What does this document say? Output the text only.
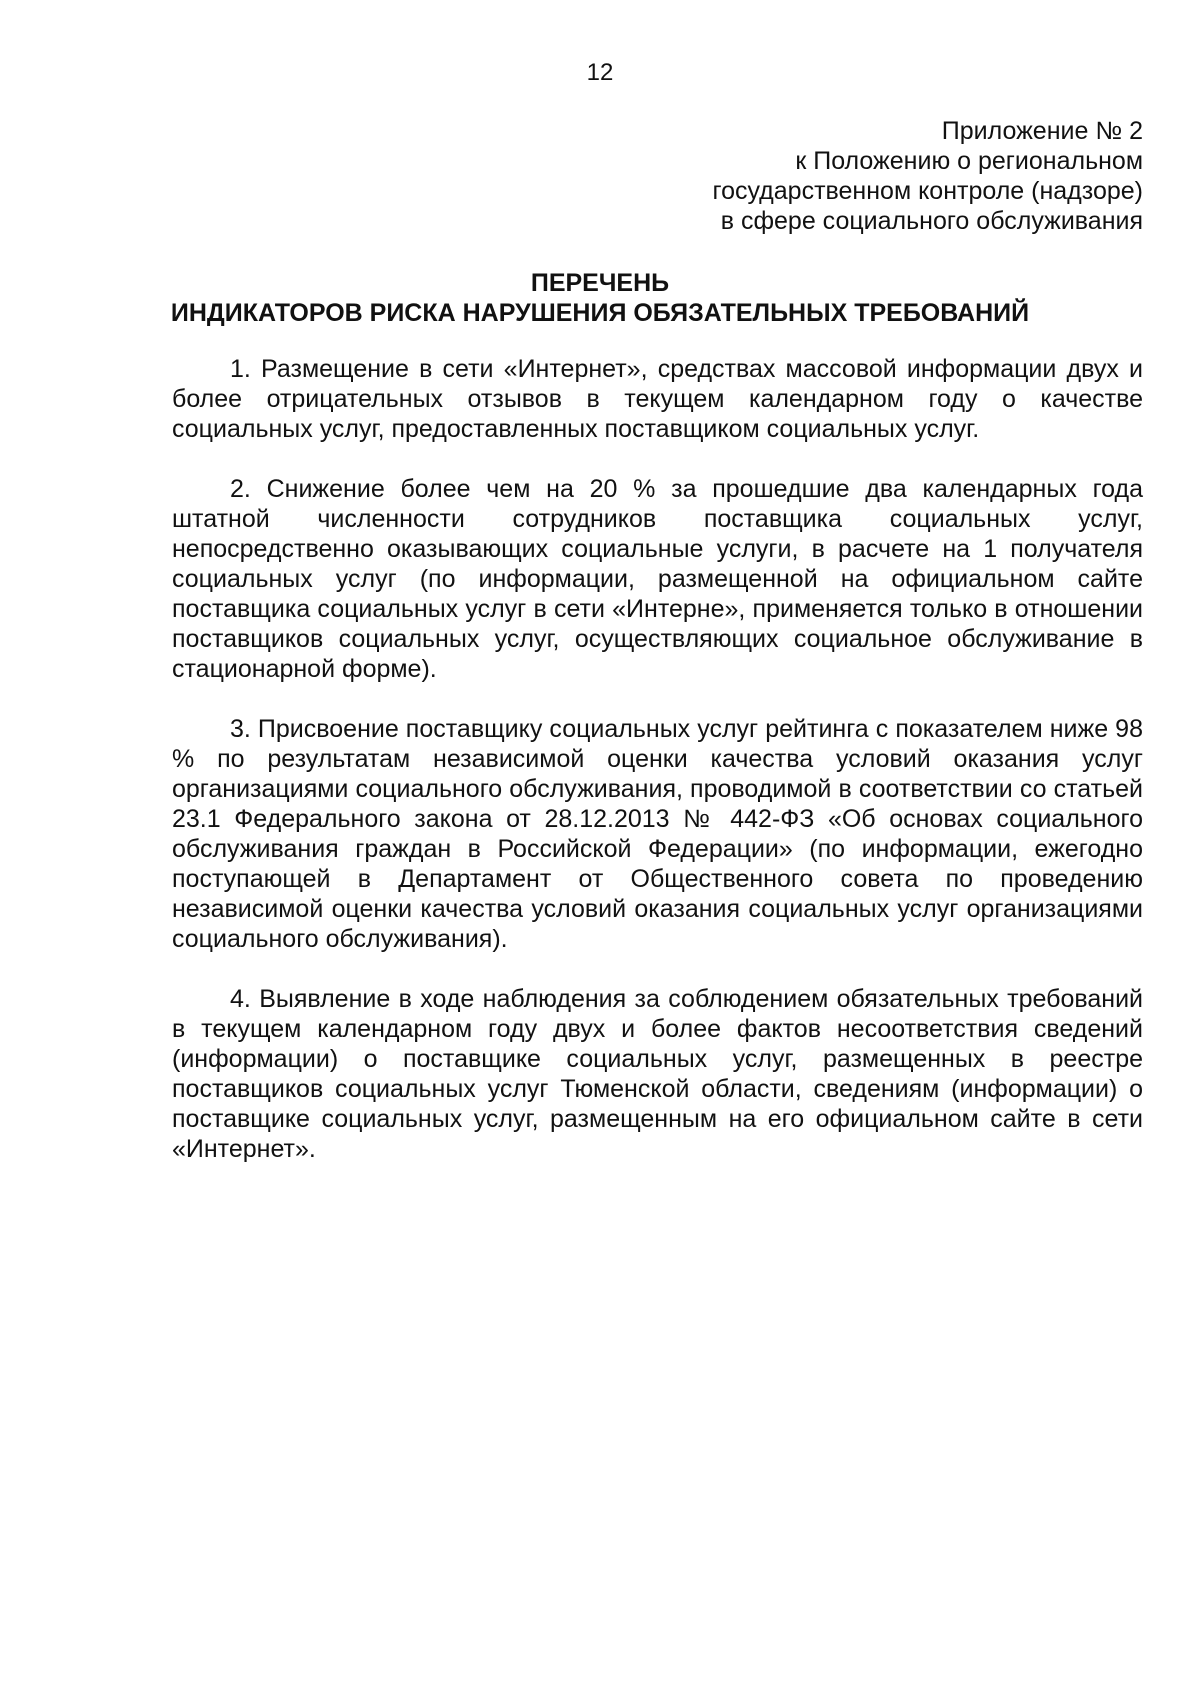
12
Приложение № 2
к Положению о региональном
государственном контроле (надзоре)
в сфере социального обслуживания
ПЕРЕЧЕНЬ
ИНДИКАТОРОВ РИСКА НАРУШЕНИЯ ОБЯЗАТЕЛЬНЫХ ТРЕБОВАНИЙ

1. Размещение в сети «Интернет», средствах массовой информации двух и более отрицательных отзывов в текущем календарном году о качестве социальных услуг, предоставленных поставщиком социальных услуг.

2. Снижение более чем на 20 % за прошедшие два календарных года штатной численности сотрудников поставщика социальных услуг, непосредственно оказывающих социальные услуги, в расчете на 1 получателя социальных услуг (по информации, размещенной на официальном сайте поставщика социальных услуг в сети «Интерне», применяется только в отношении поставщиков социальных услуг, осуществляющих социальное обслуживание в стационарной форме).

3. Присвоение поставщику социальных услуг рейтинга с показателем ниже 98 % по результатам независимой оценки качества условий оказания услуг организациями социального обслуживания, проводимой в соответствии со статьей 23.1 Федерального закона от 28.12.2013 № 442-ФЗ «Об основах социального обслуживания граждан в Российской Федерации» (по информации, ежегодно поступающей в Департамент от Общественного совета по проведению независимой оценки качества условий оказания социальных услуг организациями социального обслуживания).

4. Выявление в ходе наблюдения за соблюдением обязательных требований в текущем календарном году двух и более фактов несоответствия сведений (информации) о поставщике социальных услуг, размещенных в реестре поставщиков социальных услуг Тюменской области, сведениям (информации) о поставщике социальных услуг, размещенным на его официальном сайте в сети «Интернет».
